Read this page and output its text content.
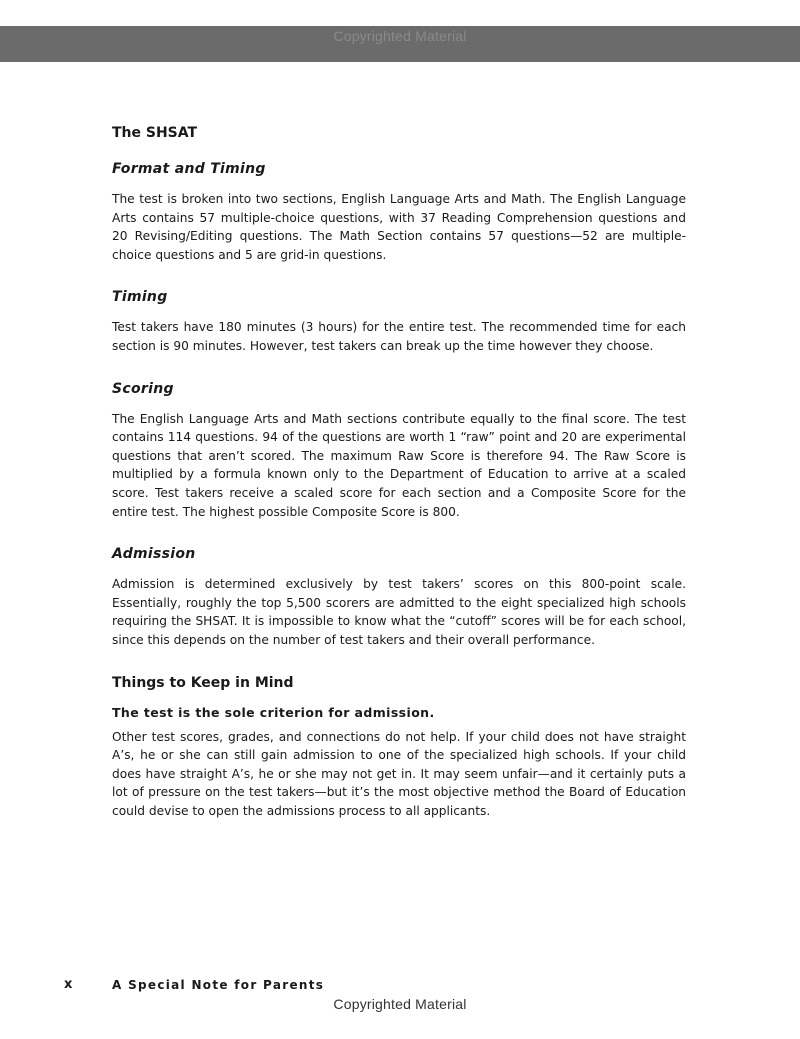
Copyrighted Material
The SHSAT
Format and Timing

The test is broken into two sections, English Language Arts and Math. The English Language Arts contains 57 multiple-choice questions, with 37 Reading Comprehension questions and 20 Revising/Editing questions. The Math Section contains 57 questions—52 are multiple-choice questions and 5 are grid-in questions.

Timing

Test takers have 180 minutes (3 hours) for the entire test. The recommended time for each section is 90 minutes. However, test takers can break up the time however they choose.

Scoring

The English Language Arts and Math sections contribute equally to the final score. The test contains 114 questions. 94 of the questions are worth 1 “raw” point and 20 are experimental questions that aren’t scored. The maximum Raw Score is therefore 94. The Raw Score is multiplied by a formula known only to the Department of Education to arrive at a scaled score. Test takers receive a scaled score for each section and a Composite Score for the entire test. The highest possible Composite Score is 800.

Admission

Admission is determined exclusively by test takers’ scores on this 800-point scale. Essentially, roughly the top 5,500 scorers are admitted to the eight specialized high schools requiring the SHSAT. It is impossible to know what the “cutoff” scores will be for each school, since this depends on the number of test takers and their overall performance.

Things to Keep in Mind
The test is the sole criterion for admission.

Other test scores, grades, and connections do not help. If your child does not have straight A’s, he or she can still gain admission to one of the specialized high schools. If your child does have straight A’s, he or she may not get in. It may seem unfair—and it certainly puts a lot of pressure on the test takers—but it’s the most objective method the Board of Education could devise to open the admissions process to all applicants.

x	A Special Note for Parents
Copyrighted Material
